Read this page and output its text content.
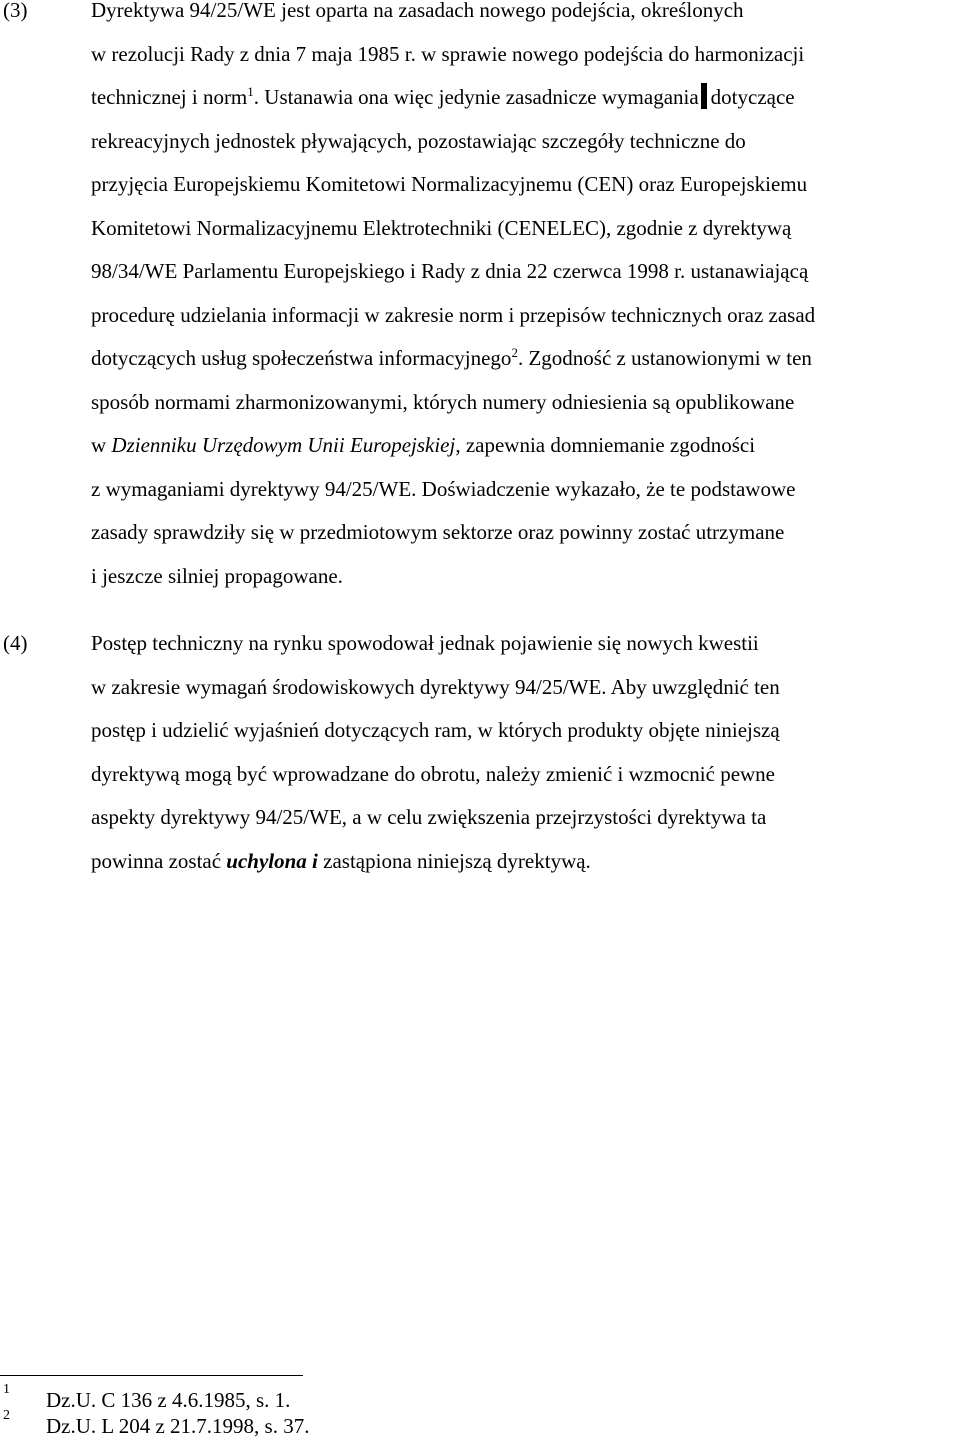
(3)	Dyrektywa 94/25/WE jest oparta na zasadach nowego podejścia, określonych
w rezolucji Rady z dnia 7 maja 1985 r. w sprawie nowego podejścia do harmonizacji
technicznej i norm$^1$. Ustanawia ona więc jedynie zasadnicze wymagania dotyczące
rekreacyjnych jednostek pływających, pozostawiając szczegóły techniczne do
przyjęcia Europejskiemu Komitetowi Normalizacyjnemu (CEN) oraz Europejskiemu
Komitetowi Normalizacyjnemu Elektrotechniki (CENELEC), zgodnie z dyrektywą
98/34/WE Parlamentu Europejskiego i Rady z dnia 22 czerwca 1998 r. ustanawiającą
procedurę udzielania informacji w zakresie norm i przepisów technicznych oraz zasad
dotyczących usług społeczeństwa informacyjnego$^2$. Zgodność z ustanowionymi w ten
sposób normami zharmonizowanymi, których numery odniesienia są opublikowane
w Dzienniku Urzędowym Unii Europejskiej, zapewnia domniemanie zgodności
z wymaganiami dyrektywy 94/25/WE. Doświadczenie wykazało, że te podstawowe
zasady sprawdziły się w przedmiotowym sektorze oraz powinny zostać utrzymane
i jeszcze silniej propagowane.
(4)	Postęp techniczny na rynku spowodował jednak pojawienie się nowych kwestii
w zakresie wymagań środowiskowych dyrektywy 94/25/WE. Aby uwzględnić ten
postęp i udzielić wyjaśnień dotyczących ram, w których produkty objęte niniejszą
dyrektywą mogą być wprowadzane do obrotu, należy zmienić i wzmocnić pewne
aspekty dyrektywy 94/25/WE, a w celu zwiększenia przejrzystości dyrektywa ta
powinna zostać uchylona i zastąpiona niniejszą dyrektywą.
1 Dz.U. C 136 z 4.6.1985, s. 1.
2 Dz.U. L 204 z 21.7.1998, s. 37.
